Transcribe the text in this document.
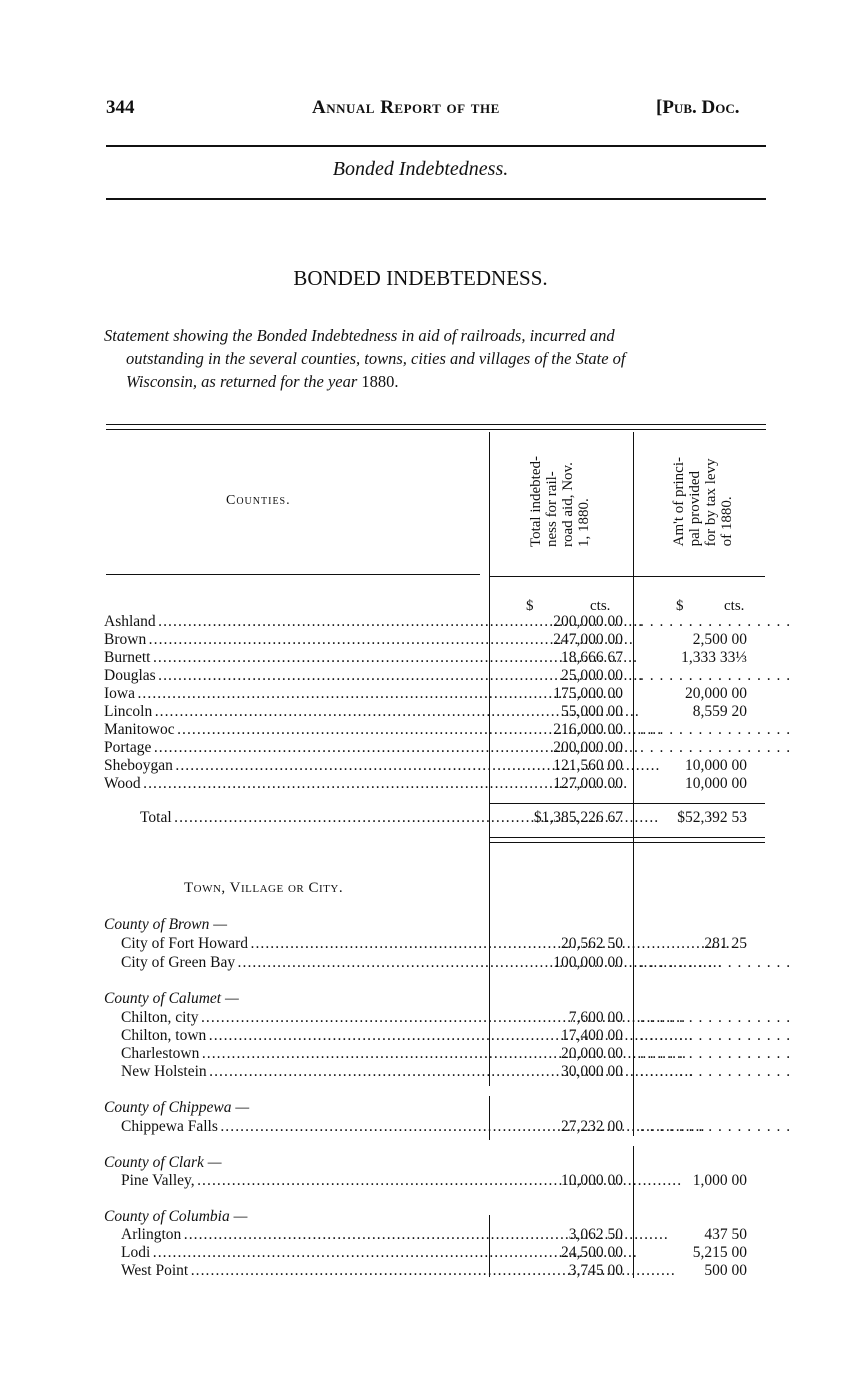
344	Annual Report of the	[Pub. Doc.
Bonded Indebtedness.
BONDED INDEBTEDNESS.
Statement showing the Bonded Indebtedness in aid of railroads, incurred and
outstanding in the several counties, towns, cities and villages of the State of
Wisconsin, as returned for the year 1880.
Counties.
Total indebted-
ness for rail-
road aid, Nov.
1, 1880.	Am't of princi-
pal provided
for by tax levy
of 1880.
$	cts.	$	cts.
Ashland . . .	200,000 00 . . . . . . . . . . . . . . . .
Brown . . .	247,000 00	2,500 00
Burnett . . .	18,666 67	1,333 33⅓
Douglas . . .	25,000 00 . . . . . . . . . . . . . . . .
Iowa . . .	175,000 00	20,000 00
Lincoln . . .	55,000 00	8,559 20
Manitowoc . . .	216,000 00 . . . . . . . . . . . . . . . .
Portage . . .	200,000 00 . . . . . . . . . . . . . . . .
Sheboygan . . .	121,560 00	10,000 00
Wood . . .	127,000 00	10,000 00
Total . . .	$1,385,226 67	$52,392 53
Town, Village or City.
County of Brown —
City of Fort Howard . . .	20,562 50	281 25
City of Green Bay . . .	100,000 00 . . . . . . . . . . . . . . . .
County of Calumet —
Chilton, city . . .	7,600 00 . . . . . . . . . . . . . . . .
Chilton, town . . .	17,400 00 . . . . . . . . . . . . . . . .
Charlestown . . .	20,000 00 . . . . . . . . . . . . . . . .
New Holstein . . .	30,000 00 . . . . . . . . . . . . . . . .
County of Chippewa —
Chippewa Falls . . .	27,232 00 . . . . . . . . . . . . . . . .
County of Clark —
Pine Valley, . . .	10,000 00	1,000 00
County of Columbia —
Arlington . . .	3,062 50	437 50
Lodi . . .	24,500 00	5,215 00
West Point . . .	3,745 00	500 00
